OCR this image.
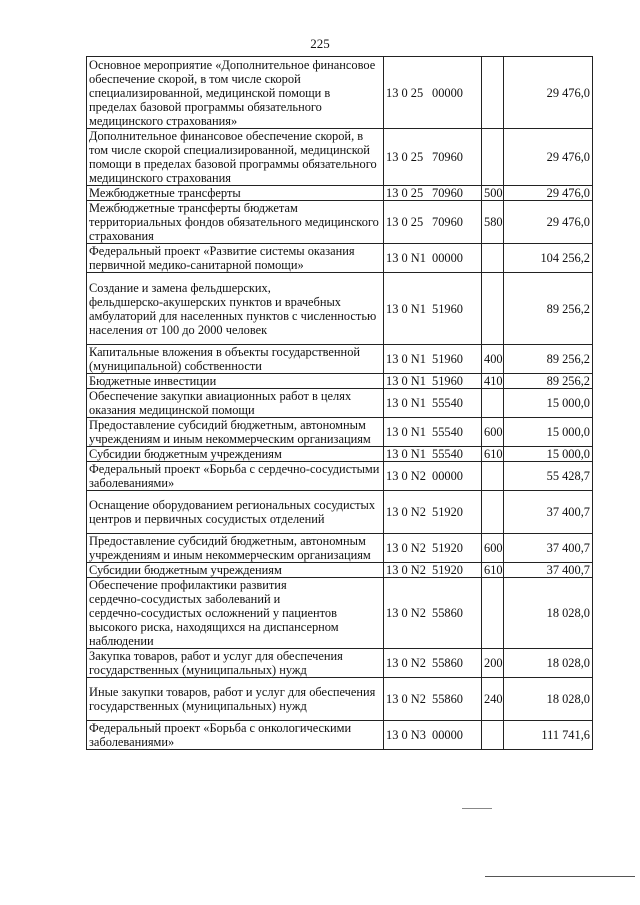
225
Основное мероприятие «Дополнительное финансовое обеспечение скорой, в том числе скорой специализированной, медицинской помощи в пределах базовой программы обязательного медицинского страхования»	13 0 25 00000		29 476,0
Дополнительное финансовое обеспечение скорой, в том числе скорой специализированной, медицинской помощи в пределах базовой программы обязательного медицинского страхования	13 0 25 70960		29 476,0
Межбюджетные трансферты	13 0 25 70960	500	29 476,0
Межбюджетные трансферты бюджетам территориальных фондов обязательного медицинского страхования	13 0 25 70960	580	29 476,0
Федеральный проект «Развитие системы оказания первичной медико‑санитарной помощи»	13 0 N1 00000		104 256,2
Создание и замена фельдшерских, фельдшерско‑акушерских пунктов и врачебных амбулаторий для населенных пунктов с численностью населения от 100 до 2000 человек	13 0 N1 51960		89 256,2
Капитальные вложения в объекты государственной (муниципальной) собственности	13 0 N1 51960	400	89 256,2
Бюджетные инвестиции	13 0 N1 51960	410	89 256,2
Обеспечение закупки авиационных работ в целях оказания медицинской помощи	13 0 N1 55540		15 000,0
Предоставление субсидий бюджетным, автономным учреждениям и иным некоммерческим организациям	13 0 N1 55540	600	15 000,0
Субсидии бюджетным учреждениям	13 0 N1 55540	610	15 000,0
Федеральный проект «Борьба с сердечно‑сосудистыми заболеваниями»	13 0 N2 00000		55 428,7
Оснащение оборудованием региональных сосудистых центров и первичных сосудистых отделений	13 0 N2 51920		37 400,7
Предоставление субсидий бюджетным, автономным учреждениям и иным некоммерческим организациям	13 0 N2 51920	600	37 400,7
Субсидии бюджетным учреждениям	13 0 N2 51920	610	37 400,7
Обеспечение профилактики развития сердечно‑сосудистых заболеваний и сердечно‑сосудистых осложнений у пациентов высокого риска, находящихся на диспансерном наблюдении	13 0 N2 55860		18 028,0
Закупка товаров, работ и услуг для обеспечения государственных (муниципальных) нужд	13 0 N2 55860	200	18 028,0
Иные закупки товаров, работ и услуг для обеспечения государственных (муниципальных) нужд	13 0 N2 55860	240	18 028,0
Федеральный проект «Борьба с онкологическими заболеваниями»	13 0 N3 00000		111 741,6
